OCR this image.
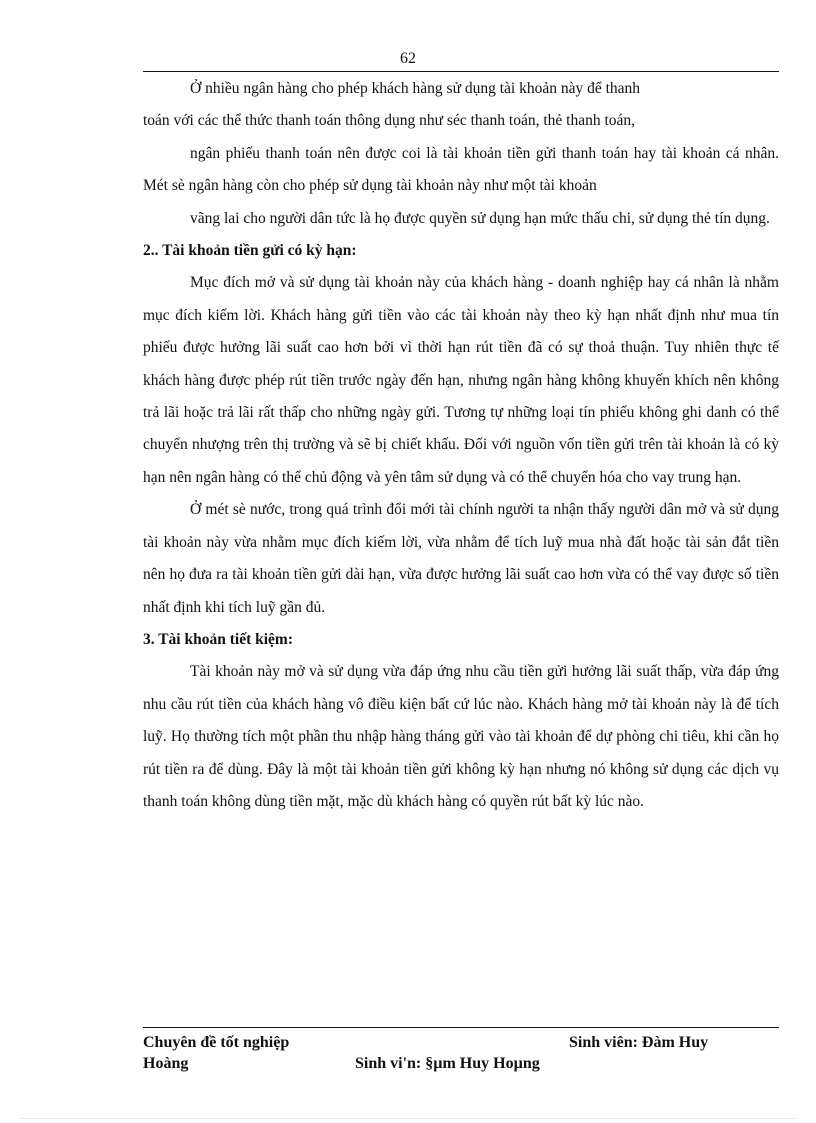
62

Ở nhiều ngân hàng cho phép khách hàng sử dụng tài khoản này để thanh

toán với các thể thức thanh toán thông dụng như séc thanh toán, thẻ thanh toán,

ngân phiếu thanh toán nên được coi là tài khoản tiền gửi thanh toán hay tài khoản cá nhân. Mét sè ngân hàng còn cho phép sử dụng tài khoản này như một tài khoản

vãng lai cho người dân tức là họ được quyền sử dụng hạn mức thấu chi, sử dụng thẻ tín dụng.

2.. Tài khoản tiền gửi có kỳ hạn:

Mục đích mở và sử dụng tài khoản này của khách hàng - doanh nghiệp hay cá nhân là nhằm mục đích kiếm lời. Khách hàng gửi tiền vào các tài khoản này theo kỳ hạn nhất định như mua tín phiếu được hưởng lãi suất cao hơn bởi vì thời hạn rút tiền đã có sự thoả thuận. Tuy nhiên thực tế khách hàng được phép rút tiền trước ngày đến hạn, nhưng ngân hàng không khuyến khích nên không trả lãi hoặc trả lãi rất thấp cho những ngày gửi. Tương tự những loại tín phiếu không ghi danh có thể chuyển nhượng trên thị trường và sẽ bị chiết khấu. Đối với nguồn vốn tiền gửi trên tài khoản là có kỳ hạn nên ngân hàng có thể chủ động và yên tâm sử dụng và có thể chuyển hóa cho vay trung hạn.

Ở mét sè nước, trong quá trình đổi mới tài chính người ta nhận thấy người dân mở và sử dụng tài khoản này vừa nhằm mục đích kiếm lời, vừa nhằm để tích luỹ mua nhà đất hoặc tài sản đắt tiền nên họ đưa ra tài khoản tiền gửi dài hạn, vừa được hưởng lãi suất cao hơn vừa có thể vay được số tiền nhất định khi tích luỹ gần đủ.

3. Tài khoản tiết kiệm:

Tài khoản này mở và sử dụng vừa đáp ứng nhu cầu tiền gửi hưởng lãi suất thấp, vừa đáp ứng nhu cầu rút tiền của khách hàng vô điều kiện bất cứ lúc nào. Khách hàng mở tài khoản này là để tích luỹ. Họ thường tích một phần thu nhập hàng tháng gửi vào tài khoản để dự phòng chi tiêu, khi cần họ rút tiền ra để dùng. Đây là một tài khoản tiền gửi không kỳ hạn nhưng nó không sử dụng các dịch vụ thanh toán không dùng tiền mặt, mặc dù khách hàng có quyền rút bất kỳ lúc nào.

Chuyên đề tốt nghiệp	Sinh viên: Đàm Huy
Hoàng	Sinh vi'n: §µm Huy Hoµng
